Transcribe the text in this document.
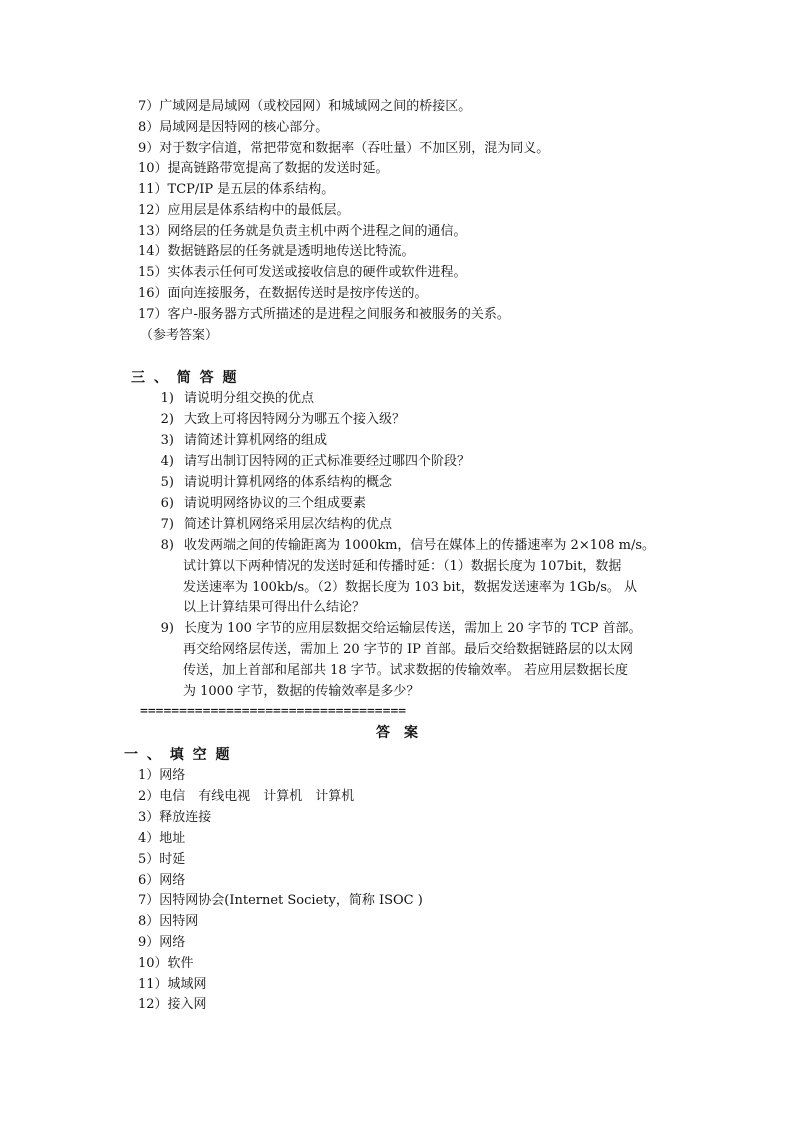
7）广域网是局域网（或校园网）和城域网之间的桥接区。
8）局域网是因特网的核心部分。
9）对于数字信道，常把带宽和数据率（吞吐量）不加区别，混为同义。
10）提高链路带宽提高了数据的发送时延。
11）TCP/IP 是五层的体系结构。
12）应用层是体系结构中的最低层。
13）网络层的任务就是负责主机中两个进程之间的通信。
14）数据链路层的任务就是透明地传送比特流。
15）实体表示任何可发送或接收信息的硬件或软件进程。
16）面向连接服务，在数据传送时是按序传送的。
17）客户-服务器方式所描述的是进程之间服务和被服务的关系。
（参考答案）
三 、 简 答 题
1) 请说明分组交换的优点
2) 大致上可将因特网分为哪五个接入级？
3) 请简述计算机网络的组成
4) 请写出制订因特网的正式标准要经过哪四个阶段？
5) 请说明计算机网络的体系结构的概念
6) 请说明网络协议的三个组成要素
7) 简述计算机网络采用层次结构的优点
8) 收发两端之间的传输距离为 1000km，信号在媒体上的传播速率为 2×108 m/s。
试计算以下两种情况的发送时延和传播时延：（1）数据长度为 107bit，数据
发送速率为 100kb/s。（2）数据长度为 103 bit，数据发送速率为 1Gb/s。 从
以上计算结果可得出什么结论？
9) 长度为 100 字节的应用层数据交给运输层传送，需加上 20 字节的 TCP 首部。
再交给网络层传送，需加上 20 字节的 IP 首部。最后交给数据链路层的以太网
传送，加上首部和尾部共 18 字节。试求数据的传输效率。 若应用层数据长度
为 1000 字节，数据的传输效率是多少？
==================================
答　案
一 、 填 空 题
1）网络
2）电信　有线电视　计算机　计算机
3）释放连接
4）地址
5）时延
6）网络
7）因特网协会(Internet Society，简称 ISOC )
8）因特网
9）网络
10）软件
11）城域网
12）接入网
